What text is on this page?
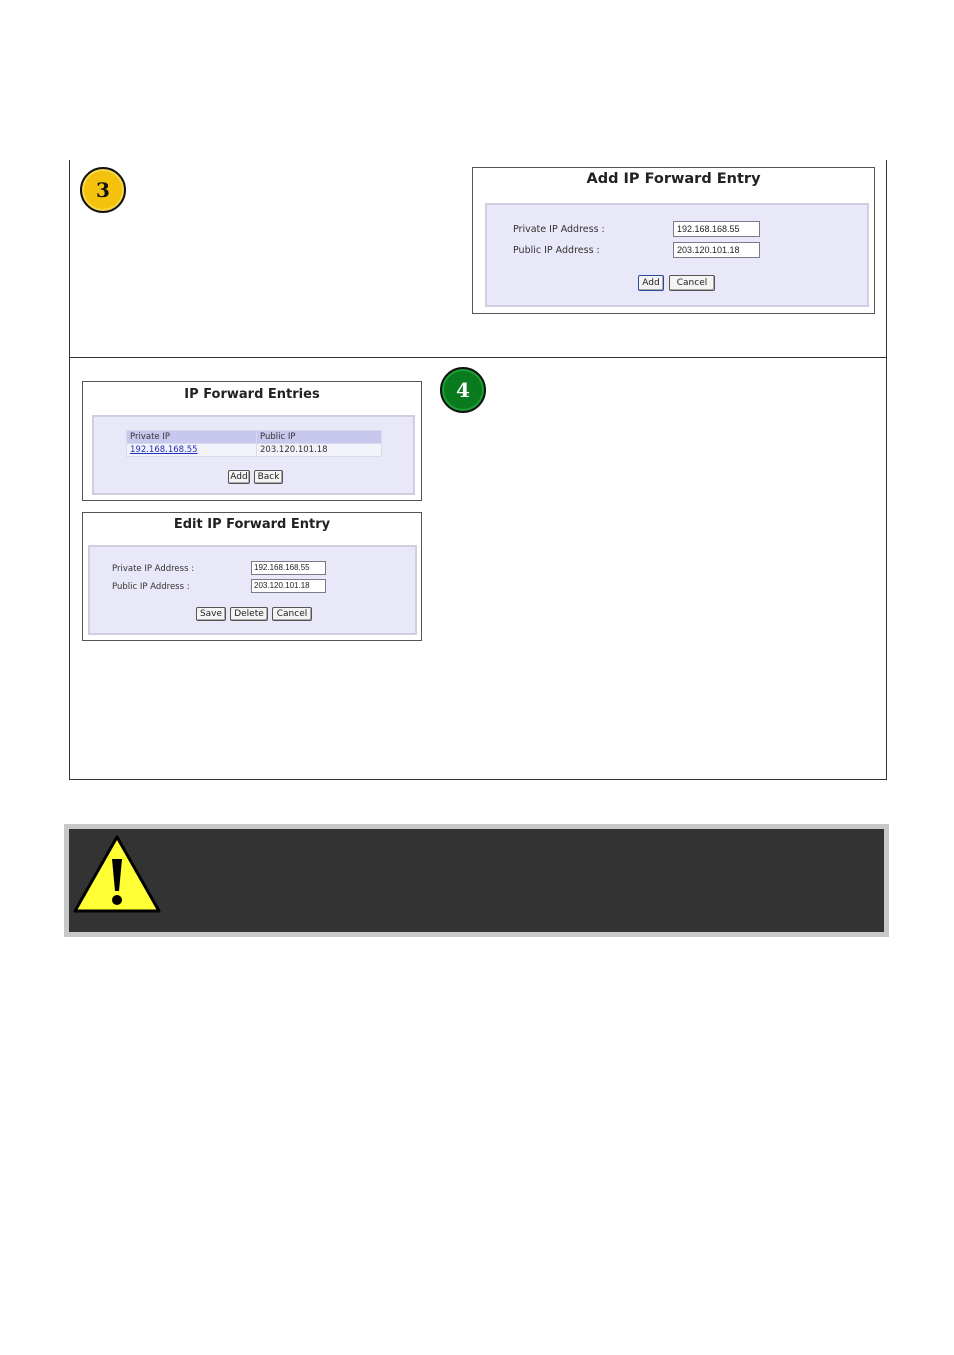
3	Add IP Forward Entry
Private IP Address :	192.168.168.55
Public IP Address :	203.120.101.18
Add	Cancel
4
IP Forward Entries
Private IP	Public IP
192.168.168.55	203.120.101.18
Add	Back
Edit IP Forward Entry
Private IP Address :	192.168.168.55
Public IP Address :	203.120.101.18
Save	Delete	Cancel
